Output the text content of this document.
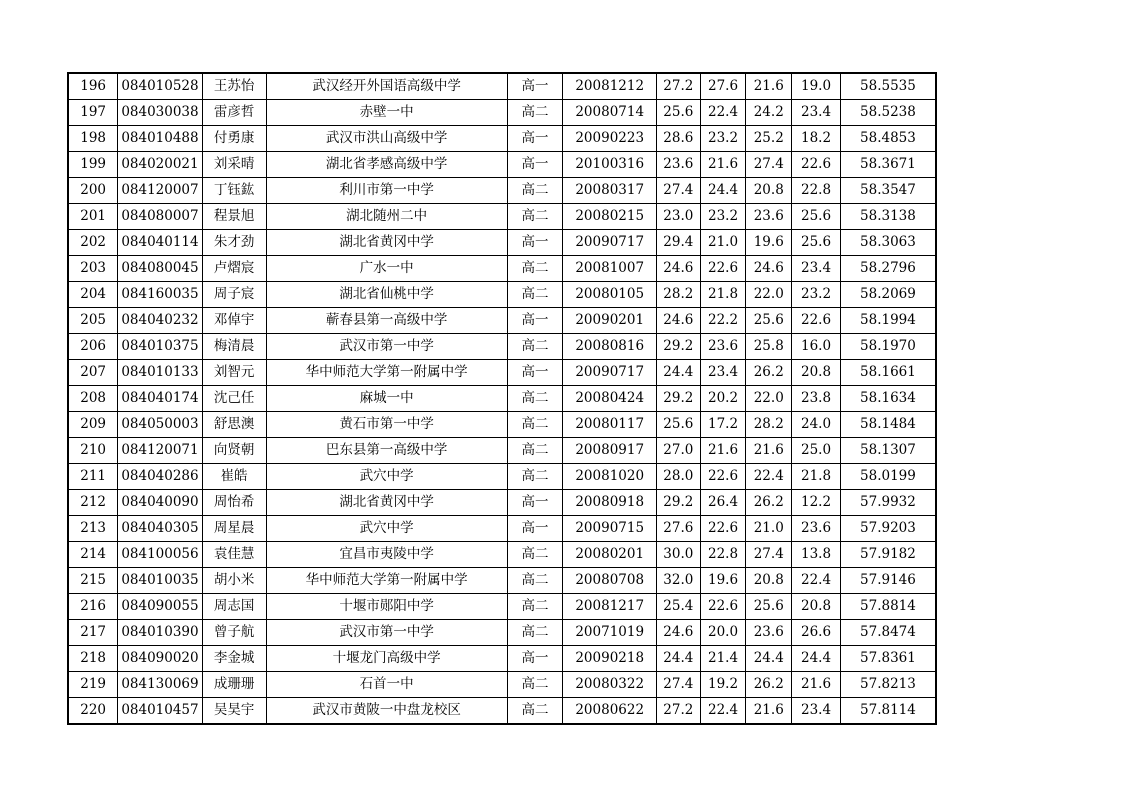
196	084010528	王苏怡	武汉经开外国语高级中学	高一	20081212	27.2	27.6	21.6	19.0	58.5535
197	084030038	雷彦哲	赤壁一中	高二	20080714	25.6	22.4	24.2	23.4	58.5238
198	084010488	付勇康	武汉市洪山高级中学	高一	20090223	28.6	23.2	25.2	18.2	58.4853
199	084020021	刘采晴	湖北省孝感高级中学	高一	20100316	23.6	21.6	27.4	22.6	58.3671
200	084120007	丁钰鈜	利川市第一中学	高二	20080317	27.4	24.4	20.8	22.8	58.3547
201	084080007	程景旭	湖北随州二中	高二	20080215	23.0	23.2	23.6	25.6	58.3138
202	084040114	朱才劲	湖北省黄冈中学	高一	20090717	29.4	21.0	19.6	25.6	58.3063
203	084080045	卢熠宸	广水一中	高二	20081007	24.6	22.6	24.6	23.4	58.2796
204	084160035	周子宸	湖北省仙桃中学	高二	20080105	28.2	21.8	22.0	23.2	58.2069
205	084040232	邓倬宇	蕲春县第一高级中学	高一	20090201	24.6	22.2	25.6	22.6	58.1994
206	084010375	梅清晨	武汉市第一中学	高二	20080816	29.2	23.6	25.8	16.0	58.1970
207	084010133	刘智元	华中师范大学第一附属中学	高一	20090717	24.4	23.4	26.2	20.8	58.1661
208	084040174	沈己任	麻城一中	高二	20080424	29.2	20.2	22.0	23.8	58.1634
209	084050003	舒思澳	黄石市第一中学	高二	20080117	25.6	17.2	28.2	24.0	58.1484
210	084120071	向贤朝	巴东县第一高级中学	高二	20080917	27.0	21.6	21.6	25.0	58.1307
211	084040286	崔皓	武穴中学	高二	20081020	28.0	22.6	22.4	21.8	58.0199
212	084040090	周怡希	湖北省黄冈中学	高一	20080918	29.2	26.4	26.2	12.2	57.9932
213	084040305	周星晨	武穴中学	高一	20090715	27.6	22.6	21.0	23.6	57.9203
214	084100056	袁佳慧	宜昌市夷陵中学	高二	20080201	30.0	22.8	27.4	13.8	57.9182
215	084010035	胡小米	华中师范大学第一附属中学	高二	20080708	32.0	19.6	20.8	22.4	57.9146
216	084090055	周志国	十堰市郧阳中学	高二	20081217	25.4	22.6	25.6	20.8	57.8814
217	084010390	曾子航	武汉市第一中学	高二	20071019	24.6	20.0	23.6	26.6	57.8474
218	084090020	李金城	十堰龙门高级中学	高一	20090218	24.4	21.4	24.4	24.4	57.8361
219	084130069	成珊珊	石首一中	高二	20080322	27.4	19.2	26.2	21.6	57.8213
220	084010457	吴昊宇	武汉市黄陂一中盘龙校区	高二	20080622	27.2	22.4	21.6	23.4	57.8114
